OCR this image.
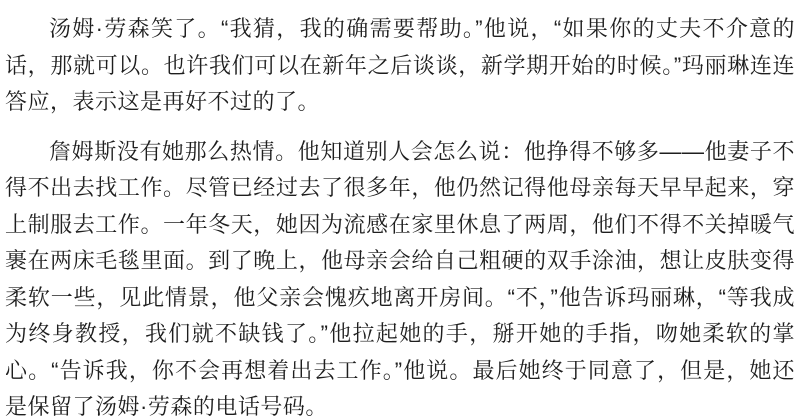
汤姆·劳森笑了。“我猜，我的确需要帮助。”他说，“如果你的丈夫不介意的话，那就可以。也许我们可以在新年之后谈谈，新学期开始的时候。”玛丽琳连连答应，表示这是再好不过的了。

詹姆斯没有她那么热情。他知道别人会怎么说：他挣得不够多——他妻子不得不出去找工作。尽管已经过去了很多年，他仍然记得他母亲每天早早起来，穿上制服去工作。一年冬天，她因为流感在家里休息了两周，他们不得不关掉暖气裹在两床毛毯里面。到了晚上，他母亲会给自己粗硬的双手涂油，想让皮肤变得柔软一些，见此情景，他父亲会愧疚地离开房间。“不，”他告诉玛丽琳，“等我成为终身教授，我们就不缺钱了。”他拉起她的手，掰开她的手指，吻她柔软的掌心。“告诉我，你不会再想着出去工作。”他说。最后她终于同意了，但是，她还是保留了汤姆·劳森的电话号码。
